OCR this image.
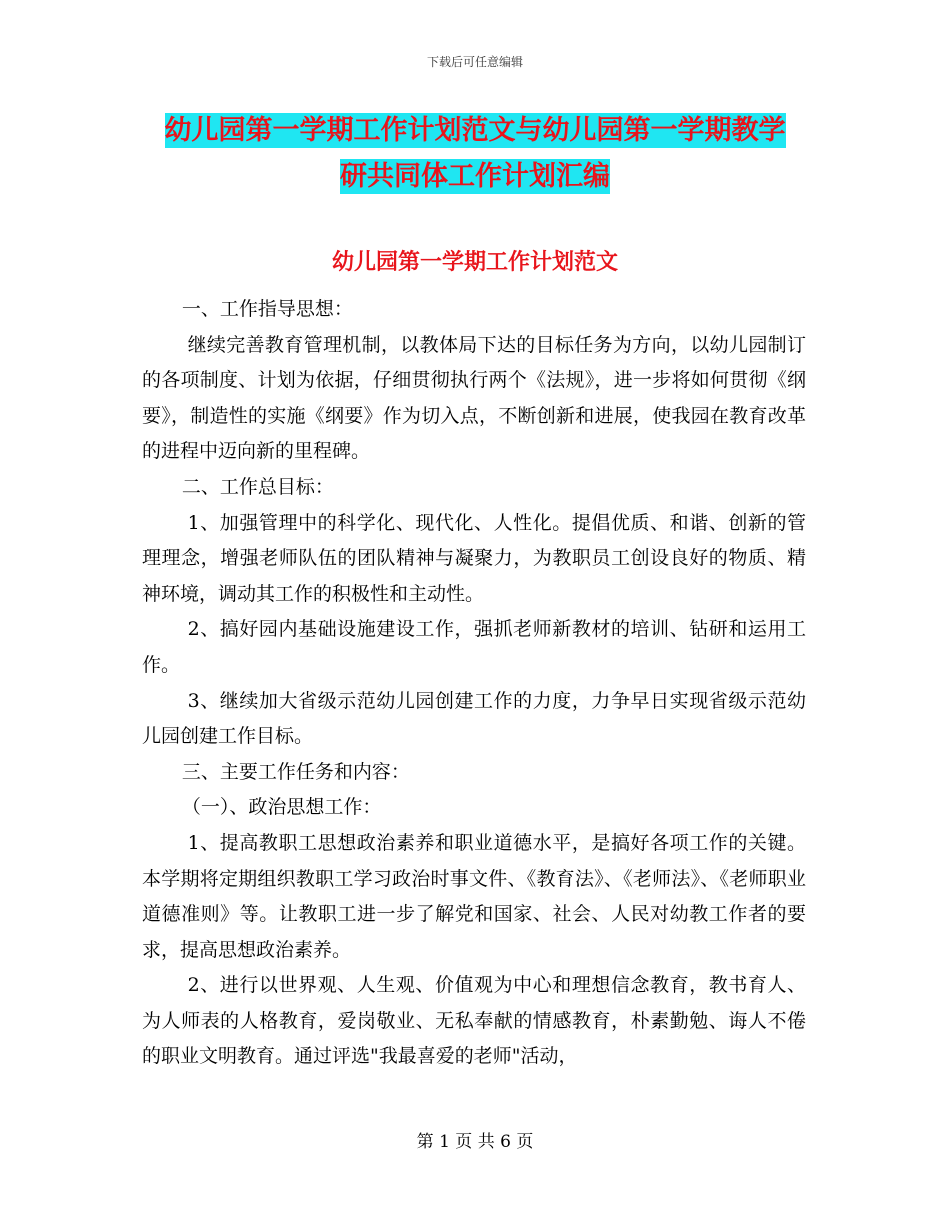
下载后可任意编辑
幼儿园第一学期工作计划范文与幼儿园第一学期教学
研共同体工作计划汇编
幼儿园第一学期工作计划范文

一、工作指导思想：

继续完善教育管理机制，以教体局下达的目标任务为方向，以幼儿园制订的各项制度、计划为依据，仔细贯彻执行两个《法规》，进一步将如何贯彻《纲要》，制造性的实施《纲要》作为切入点，不断创新和进展，使我园在教育改革的进程中迈向新的里程碑。

二、工作总目标：

1、加强管理中的科学化、现代化、人性化。提倡优质、和谐、创新的管理理念，增强老师队伍的团队精神与凝聚力，为教职员工创设良好的物质、精神环境，调动其工作的积极性和主动性。

2、搞好园内基础设施建设工作，强抓老师新教材的培训、钻研和运用工作。

3、继续加大省级示范幼儿园创建工作的力度，力争早日实现省级示范幼儿园创建工作目标。

三、主要工作任务和内容：

（一）、政治思想工作：

1、提高教职工思想政治素养和职业道德水平，是搞好各项工作的关键。本学期将定期组织教职工学习政治时事文件、《教育法》、《老师法》、《老师职业道德准则》等。让教职工进一步了解党和国家、社会、人民对幼教工作者的要求，提高思想政治素养。

2、进行以世界观、人生观、价值观为中心和理想信念教育，教书育人、为人师表的人格教育，爱岗敬业、无私奉献的情感教育，朴素勤勉、诲人不倦的职业文明教育。通过评选"我最喜爱的老师"活动，

第 1 页 共 6 页
